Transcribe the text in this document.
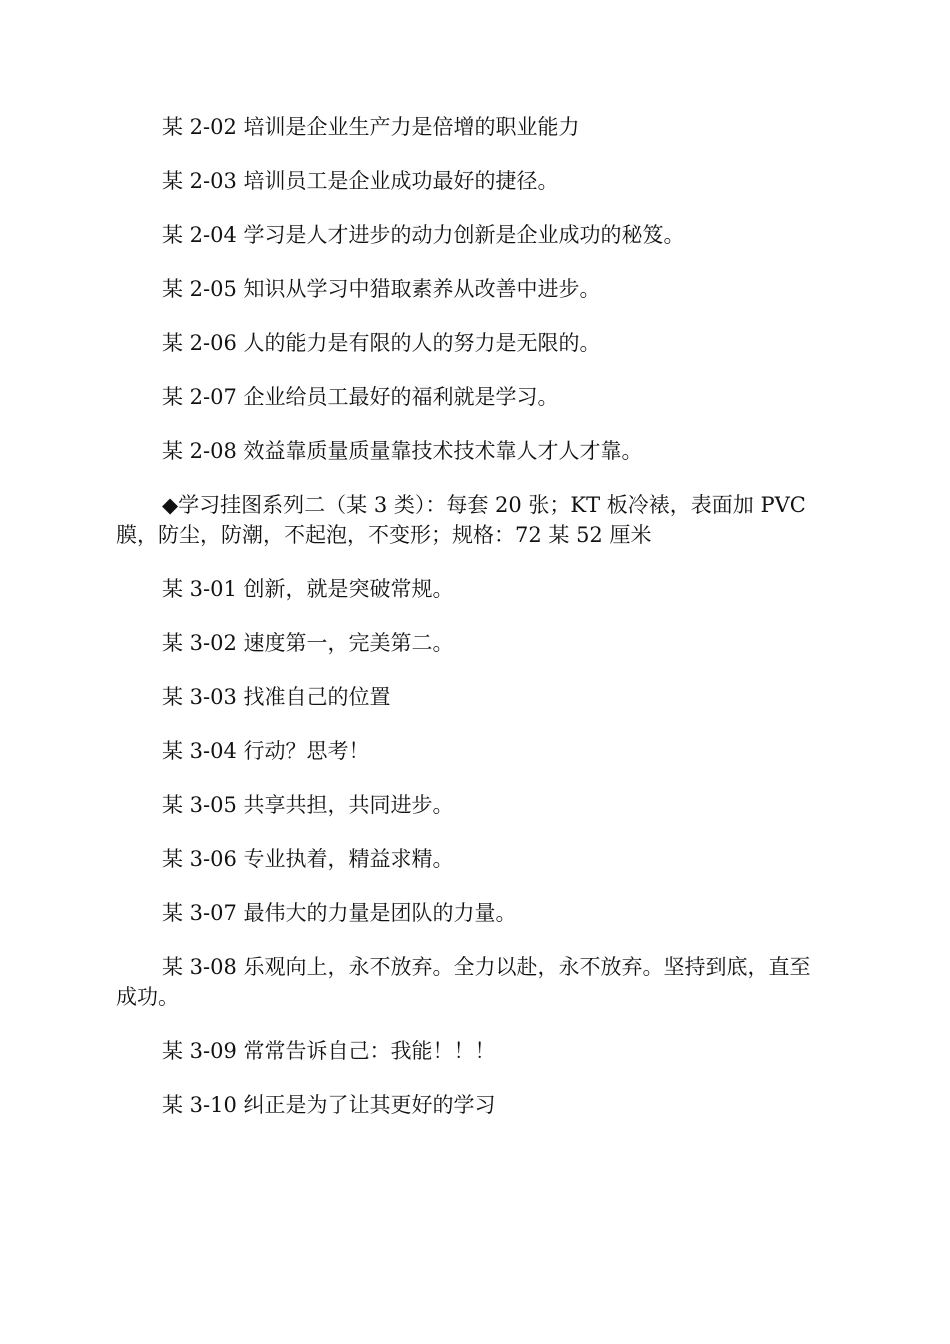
某 2-02 培训是企业生产力是倍增的职业能力

某 2-03 培训员工是企业成功最好的捷径。

某 2-04 学习是人才进步的动力创新是企业成功的秘笈。

某 2-05 知识从学习中猎取素养从改善中进步。

某 2-06 人的能力是有限的人的努力是无限的。

某 2-07 企业给员工最好的福利就是学习。

某 2-08 效益靠质量质量靠技术技术靠人才人才靠。

◆学习挂图系列二（某 3 类）：每套 20 张；KT 板冷裱，表面加 PVC 膜，防尘，防潮，不起泡，不变形；规格：72 某 52 厘米

某 3-01 创新，就是突破常规。

某 3-02 速度第一，完美第二。

某 3-03 找准自己的位置

某 3-04 行动？思考！

某 3-05 共享共担，共同进步。

某 3-06 专业执着，精益求精。

某 3-07 最伟大的力量是团队的力量。

某 3-08 乐观向上，永不放弃。全力以赴，永不放弃。坚持到底，直至成功。

某 3-09 常常告诉自己：我能！！！

某 3-10 纠正是为了让其更好的学习
